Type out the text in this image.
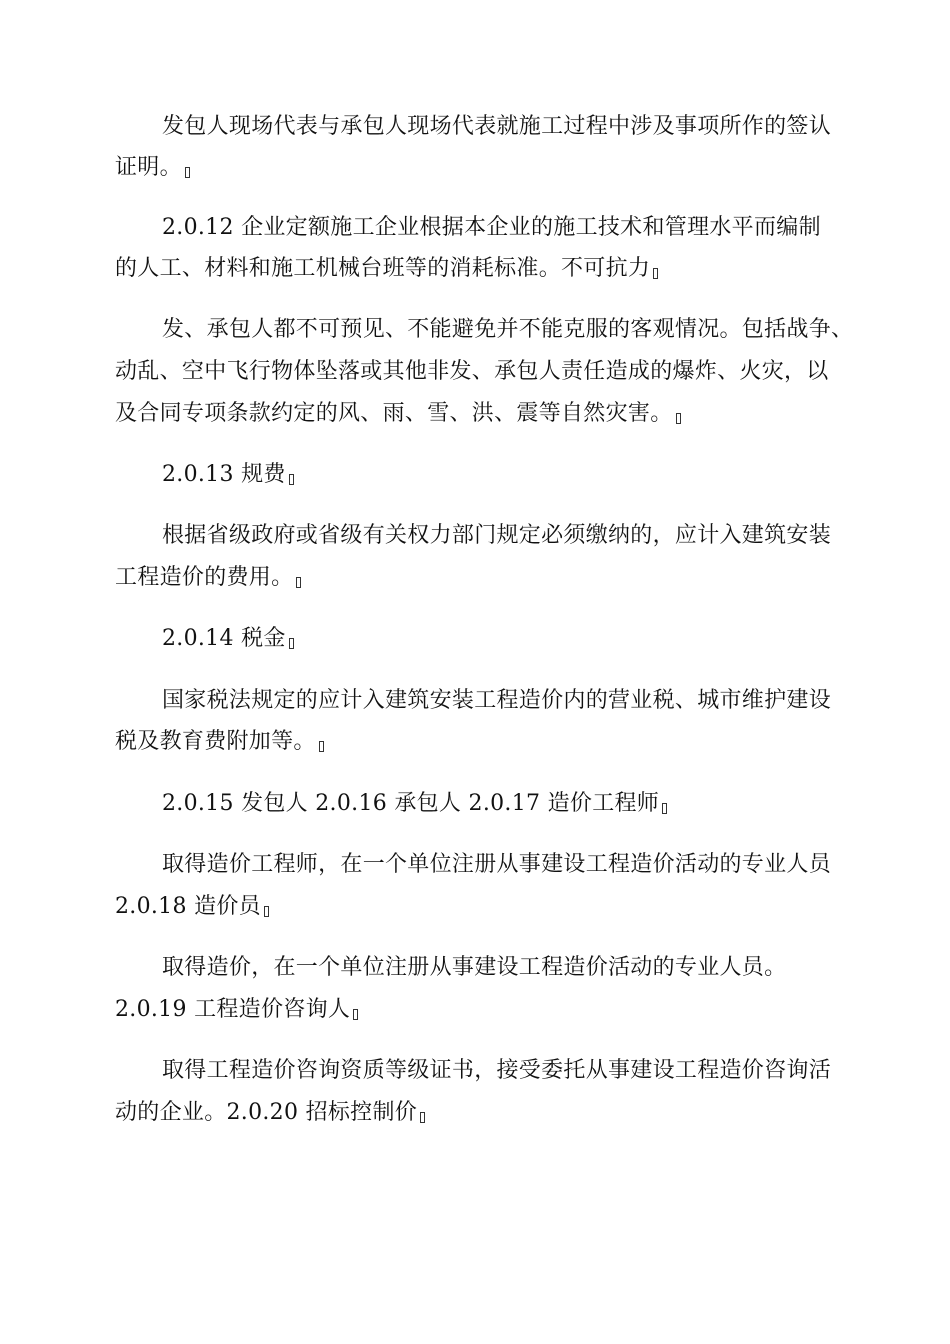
发包人现场代表与承包人现场代表就施工过程中涉及事项所作的签认
证明。
2.0.12 企业定额施工企业根据本企业的施工技术和管理水平而编制
的人工、材料和施工机械台班等的消耗标准。不可抗力
发、承包人都不可预见、不能避免并不能克服的客观情况。包括战争、
动乱、空中飞行物体坠落或其他非发、承包人责任造成的爆炸、火灾，以
及合同专项条款约定的风、雨、雪、洪、震等自然灾害。
2.0.13 规费
根据省级政府或省级有关权力部门规定必须缴纳的，应计入建筑安装
工程造价的费用。
2.0.14 税金
国家税法规定的应计入建筑安装工程造价内的营业税、城市维护建设
税及教育费附加等。
2.0.15 发包人 2.0.16 承包人 2.0.17 造价工程师
取得造价工程师，在一个单位注册从事建设工程造价活动的专业人员
2.0.18 造价员
取得造价，在一个单位注册从事建设工程造价活动的专业人员。
2.0.19 工程造价咨询人
取得工程造价咨询资质等级证书，接受委托从事建设工程造价咨询活
动的企业。2.0.20 招标控制价
